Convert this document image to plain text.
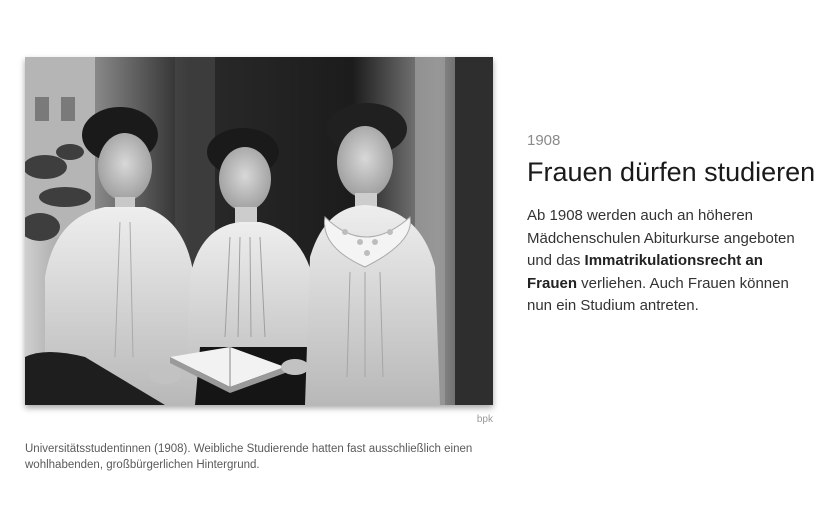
bpk
Universitätsstudentinnen (1908). Weibliche Studierende hatten fast ausschließlich einen wohlhabenden, großbürgerlichen Hintergrund.
1908
Frauen dürfen studieren

Ab 1908 werden auch an höheren Mädchenschulen Abiturkurse angeboten und das Immatrikulationsrecht an Frauen verliehen. Auch Frauen können nun ein Studium antreten.
